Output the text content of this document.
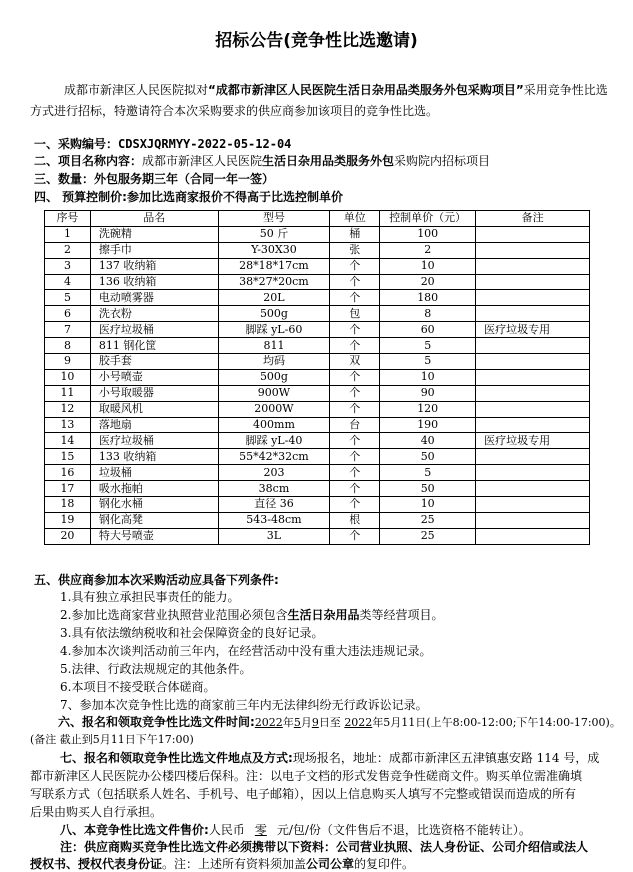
招标公告(竞争性比选邀请)
成都市新津区人民医院拟对“成都市新津区人民医院生活日杂用品类服务外包采购项目”采用竞争性比选方式进行招标，特邀请符合本次采购要求的供应商参加该项目的竞争性比选。
一、采购编号：CDSXJQRMYY-2022-05-12-04
二、项目名称内容：成都市新津区人民医院生活日杂用品类服务外包采购院内招标项目
三、数量：外包服务期三年（合同一年一签）
四、 预算控制价:参加比选商家报价不得高于比选控制单价
序号	品名	型号	单位	控制单价（元）	备注
1	洗碗精	50 斤	桶	100	
2	擦手巾	Y-30X30	张	2	
3	137 收纳箱	28*18*17cm	个	10	
4	136 收纳箱	38*27*20cm	个	20	
5	电动喷雾器	20L	个	180	
6	洗衣粉	500g	包	8	
7	医疗垃圾桶	脚踩 yL-60	个	60	医疗垃圾专用
8	811 钢化筐	811	个	5	
9	胶手套	均码	双	5	
10	小号喷壶	500g	个	10	
11	小号取暖器	900W	个	90	
12	取暖风机	2000W	个	120	
13	落地扇	400mm	台	190	
14	医疗垃圾桶	脚踩 yL-40	个	40	医疗垃圾专用
15	133 收纳箱	55*42*32cm	个	50	
16	垃圾桶	203	个	5	
17	吸水拖帕	38cm	个	50	
18	钢化水桶	直径 36	个	10	
19	钢化高凳	543-48cm	根	25	
20	特大号喷壶	3L	个	25	
五、供应商参加本次采购活动应具备下列条件:
1.具有独立承担民事责任的能力。
2.参加比选商家营业执照营业范围必须包含生活日杂用品类等经营项目。
3.具有依法缴纳税收和社会保障资金的良好记录。
4.参加本次谈判活动前三年内，在经营活动中没有重大违法违规记录。
5.法律、行政法规规定的其他条件。
6.本项目不接受联合体磋商。
7、参加本次竞争性比选的商家前三年内无法律纠纷无行政诉讼记录。
六、报名和领取竞争性比选文件时间:2022年5月9日至 2022年5月11日(上午8:00-12:00;下午14:00-17:00)。
(备注 截止到5月11日下午17:00)
七、报名和领取竞争性比选文件地点及方式:现场报名，地址：成都市新津区五津镇惠安路 114 号，成
都市新津区人民医院办公楼四楼后保科。注：以电子文档的形式发售竞争性磋商文件。购买单位需准确填
写联系方式（包括联系人姓名、手机号、电子邮箱），因以上信息购买人填写不完整或错误而造成的所有
后果由购买人自行承担。
八、本竞争性比选文件售价:人民币 零 元/包/份（文件售后不退，比选资格不能转让）。
注：供应商购买竞争性比选文件必须携带以下资料：公司营业执照、法人身份证、公司介绍信或法人
授权书、授权代表身份证。注：上述所有资料须加盖公司公章的复印件。
